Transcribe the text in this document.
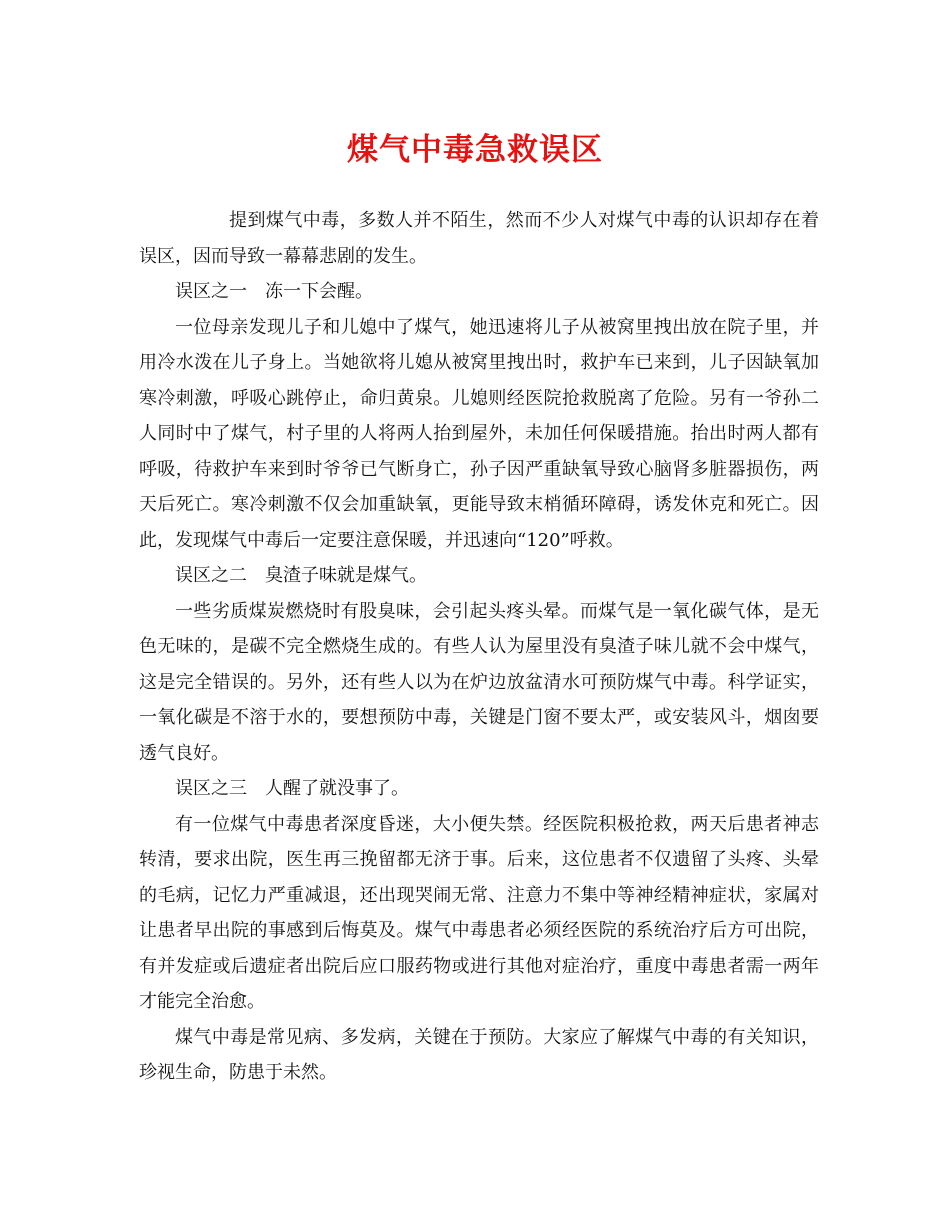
煤气中毒急救误区

提到煤气中毒，多数人并不陌生，然而不少人对煤气中毒的认识却存在着误区，因而导致一幕幕悲剧的发生。

误区之一　冻一下会醒。

一位母亲发现儿子和儿媳中了煤气，她迅速将儿子从被窝里拽出放在院子里，并用冷水泼在儿子身上。当她欲将儿媳从被窝里拽出时，救护车已来到，儿子因缺氧加寒冷刺激，呼吸心跳停止，命归黄泉。儿媳则经医院抢救脱离了危险。另有一爷孙二人同时中了煤气，村子里的人将两人抬到屋外，未加任何保暖措施。抬出时两人都有呼吸，待救护车来到时爷爷已气断身亡，孙子因严重缺氧导致心脑肾多脏器损伤，两天后死亡。寒冷刺激不仅会加重缺氧，更能导致末梢循环障碍，诱发休克和死亡。因此，发现煤气中毒后一定要注意保暖，并迅速向“120”呼救。

误区之二　臭渣子味就是煤气。

一些劣质煤炭燃烧时有股臭味，会引起头疼头晕。而煤气是一氧化碳气体，是无色无味的，是碳不完全燃烧生成的。有些人认为屋里没有臭渣子味儿就不会中煤气，这是完全错误的。另外，还有些人以为在炉边放盆清水可预防煤气中毒。科学证实，一氧化碳是不溶于水的，要想预防中毒，关键是门窗不要太严，或安装风斗，烟囱要透气良好。

误区之三　人醒了就没事了。

有一位煤气中毒患者深度昏迷，大小便失禁。经医院积极抢救，两天后患者神志转清，要求出院，医生再三挽留都无济于事。后来，这位患者不仅遗留了头疼、头晕的毛病，记忆力严重减退，还出现哭闹无常、注意力不集中等神经精神症状，家属对让患者早出院的事感到后悔莫及。煤气中毒患者必须经医院的系统治疗后方可出院，有并发症或后遗症者出院后应口服药物或进行其他对症治疗，重度中毒患者需一两年才能完全治愈。

煤气中毒是常见病、多发病，关键在于预防。大家应了解煤气中毒的有关知识，珍视生命，防患于未然。
